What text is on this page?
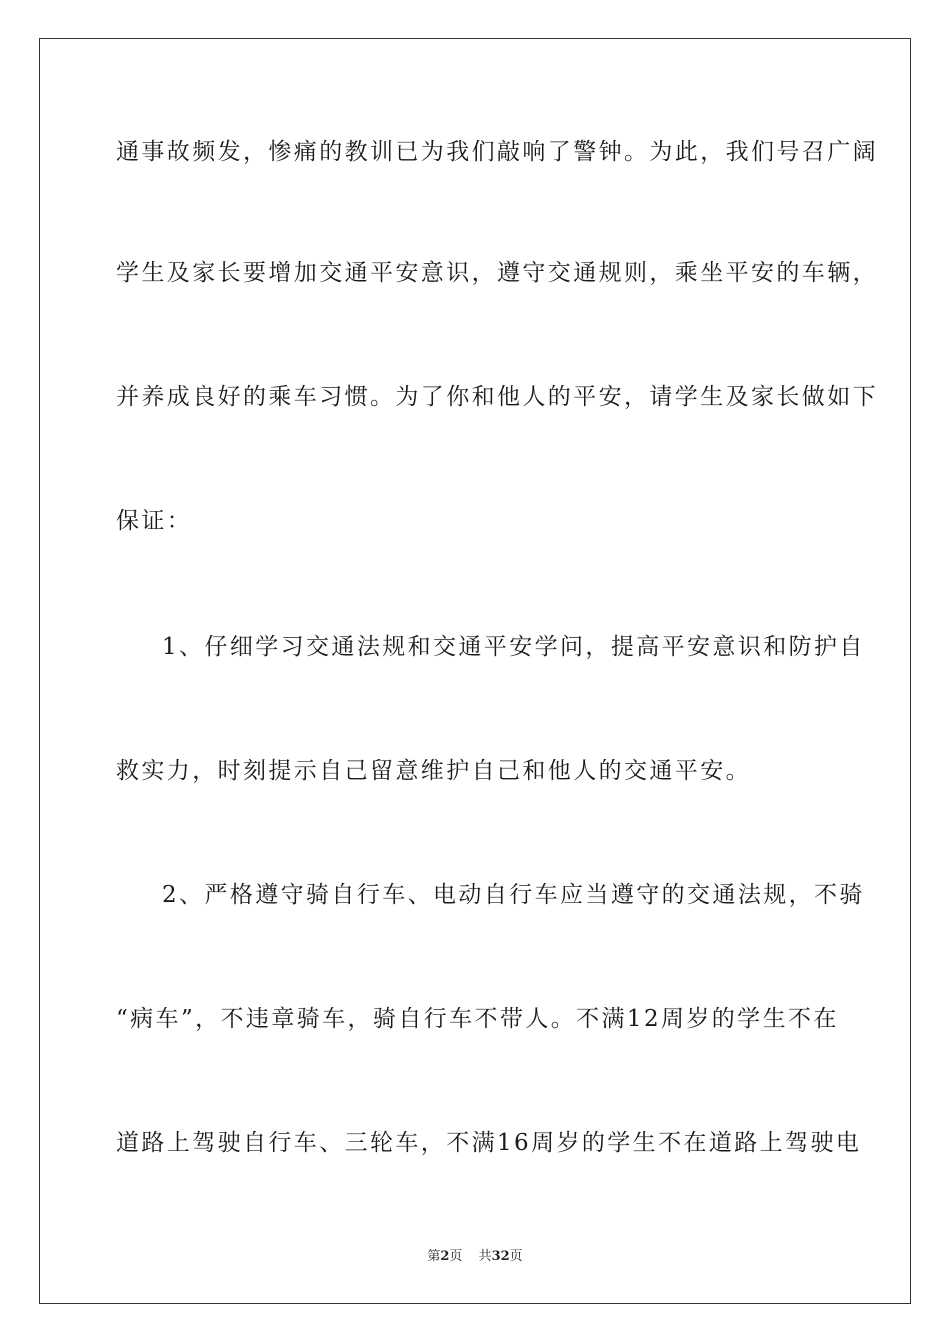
通事故频发，惨痛的教训已为我们敲响了警钟。为此，我们号召广阔
学生及家长要增加交通平安意识，遵守交通规则，乘坐平安的车辆，
并养成良好的乘车习惯。为了你和他人的平安，请学生及家长做如下
保证：
1、仔细学习交通法规和交通平安学问，提高平安意识和防护自
救实力，时刻提示自己留意维护自己和他人的交通平安。
2、严格遵守骑自行车、电动自行车应当遵守的交通法规，不骑
“病车”，不违章骑车，骑自行车不带人。不满12周岁的学生不在
道路上驾驶自行车、三轮车，不满16周岁的学生不在道路上驾驶电
第2页 共32页
